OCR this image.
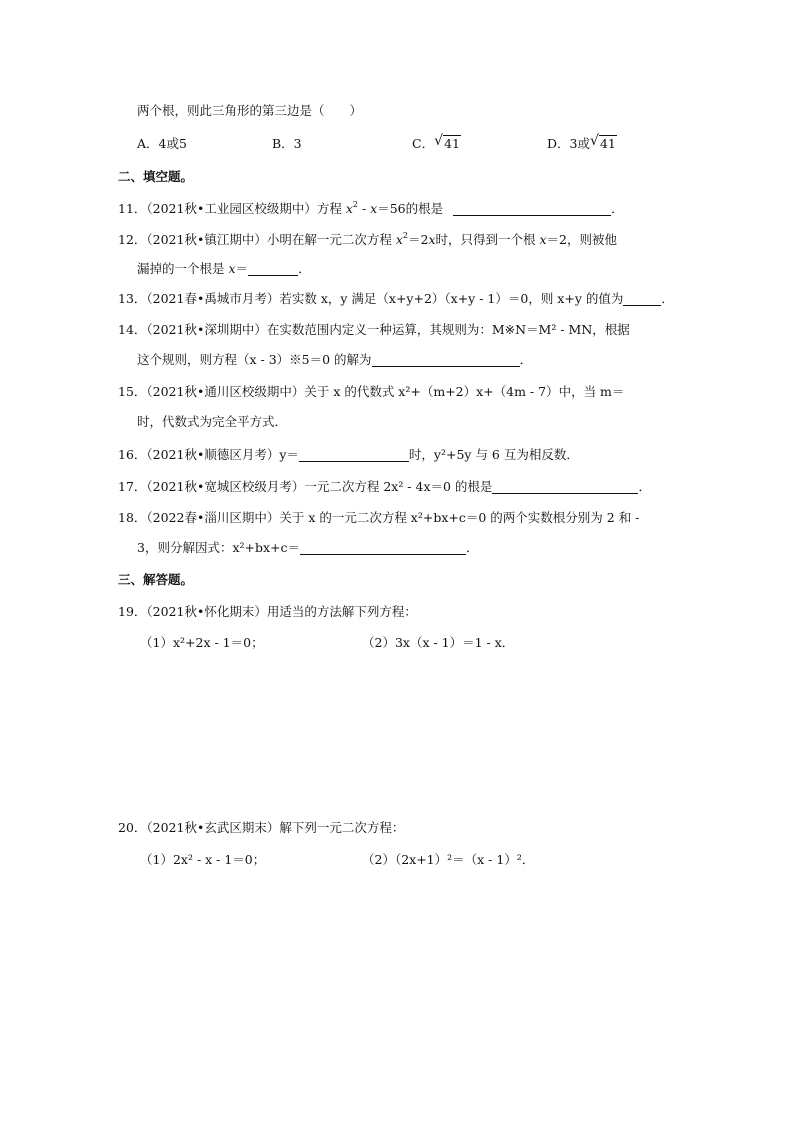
两个根，则此三角形的第三边是（　　）
A．4或5	B．3	C． √ 41	D．3或 √ 41
二、填空题。
11．（2021秋•工业园区校级期中）方程 $x^2 - x=56$的根是	．
12．（2021秋•镇江期中）小明在解一元二次方程 $x^2=2x$时，只得到一个根 x＝2，则被他
漏掉的一个根是 x＝	．
13．（2021春•禹城市月考）若实数 x，y 满足（x+y+2）（x+y - 1）＝0，则 x+y 的值为	．
14．（2021秋•深圳期中）在实数范围内定义一种运算，其规则为：M※N＝M² - MN，根据
这个规则，则方程（x - 3）※5＝0 的解为	．
15．（2021秋•通川区校级期中）关于 x 的代数式 x²+（m+2）x+（4m - 7）中，当 m＝
时，代数式为完全平方式．
16．（2021秋•顺德区月考）y＝	时，y²+5y 与 6 互为相反数．
17．（2021秋•宽城区校级月考）一元二次方程 2x² - 4x＝0 的根是	．
18．（2022春•淄川区期中）关于 x 的一元二次方程 x²+bx+c＝0 的两个实数根分别为 2 和 -
3，则分解因式：x²+bx+c＝	．
三、解答题。
19．（2021秋•怀化期末）用适当的方法解下列方程：
（1）x²+2x - 1＝0；	（2）3x（x - 1）＝1 - x．
20．（2021秋•玄武区期末）解下列一元二次方程：
（1）2x² - x - 1＝0；	（2）（2x+1）²＝（x - 1）²．
